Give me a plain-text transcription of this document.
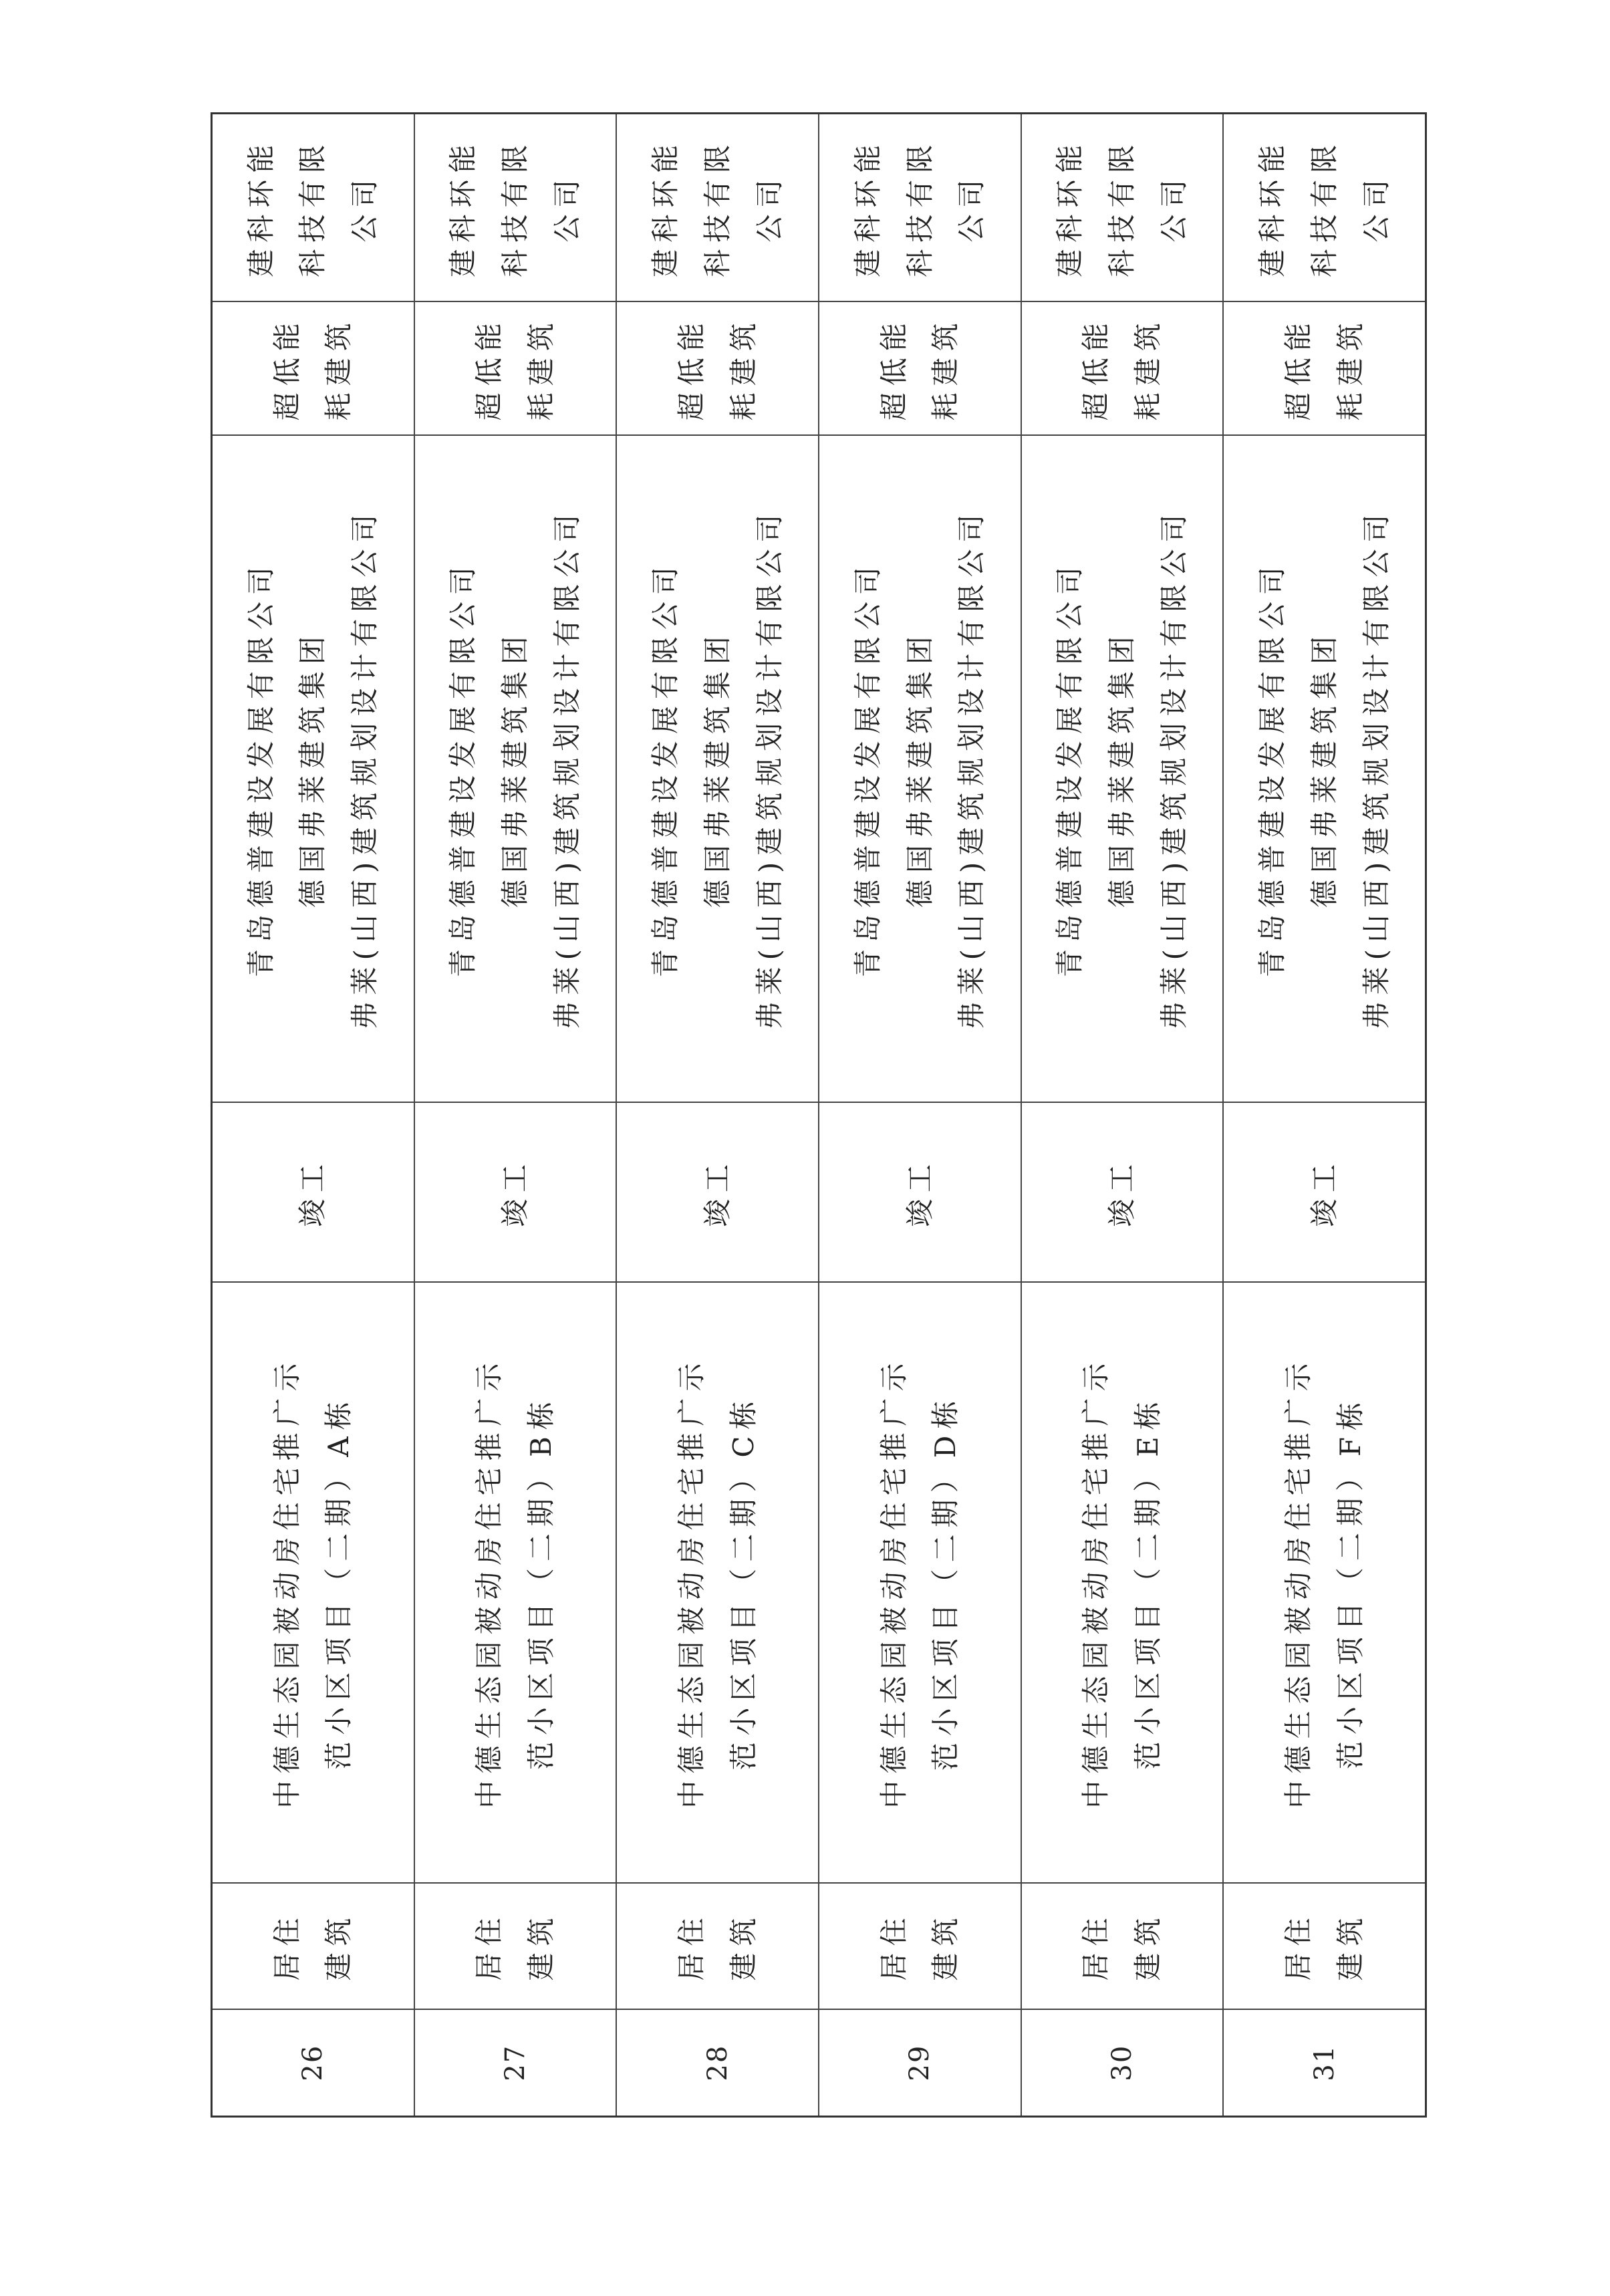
26
居住 建筑
中德生态园被动房住宅推广示 范小区项目（二期）A栋
竣工
青岛德普建设发展有限公司 德国弗莱建筑集团 弗莱(山西)建筑规划设计有限公司
超低能 耗建筑
建科环能科技有限公司
27
居住 建筑
中德生态园被动房住宅推广示 范小区项目（二期）B栋
竣工
青岛德普建设发展有限公司 德国弗莱建筑集团 弗莱(山西)建筑规划设计有限公司
超低能 耗建筑
建科环能科技有限公司
28
居住 建筑
中德生态园被动房住宅推广示 范小区项目（二期）C栋
竣工
青岛德普建设发展有限公司 德国弗莱建筑集团 弗莱(山西)建筑规划设计有限公司
超低能 耗建筑
建科环能科技有限公司
29
居住 建筑
中德生态园被动房住宅推广示 范小区项目（二期）D栋
竣工
青岛德普建设发展有限公司 德国弗莱建筑集团 弗莱(山西)建筑规划设计有限公司
超低能 耗建筑
建科环能科技有限公司
30
居住 建筑
中德生态园被动房住宅推广示 范小区项目（二期）E栋
竣工
青岛德普建设发展有限公司 德国弗莱建筑集团 弗莱(山西)建筑规划设计有限公司
超低能 耗建筑
建科环能科技有限公司
31
居住 建筑
中德生态园被动房住宅推广示 范小区项目（二期）F栋
竣工
青岛德普建设发展有限公司 德国弗莱建筑集团 弗莱(山西)建筑规划设计有限公司
超低能 耗建筑
建科环能科技有限公司
